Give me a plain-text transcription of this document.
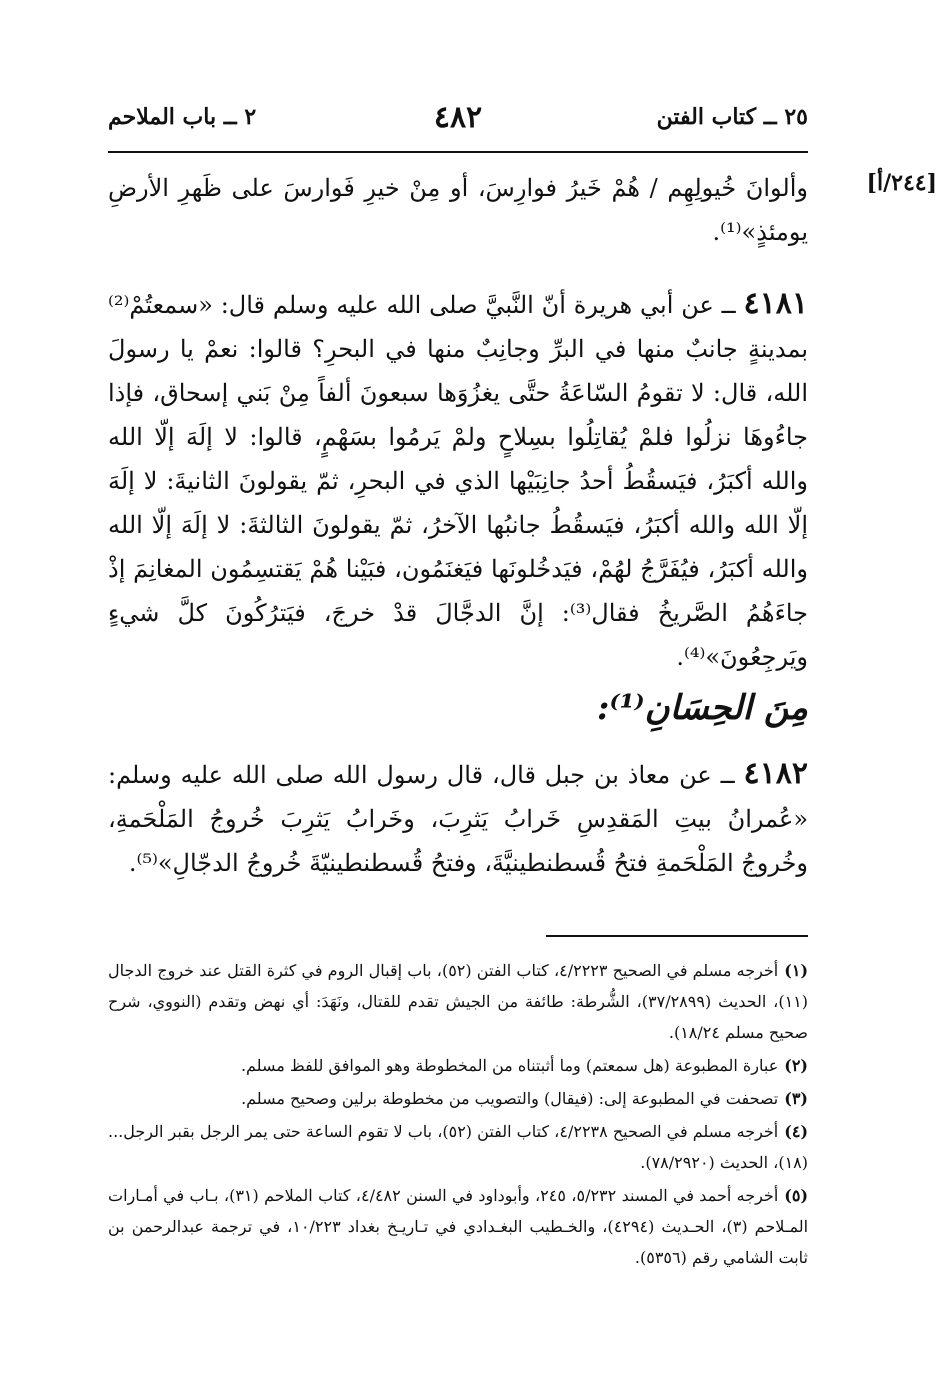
٢٥ ــ كتاب الفتن
٤٨٢
٢ ــ باب الملاحم
[٢٤٤/أ]
وألوانَ خُيولِهِم / هُمْ خَيرُ فوارِسَ، أو مِنْ خيرِ فَوارسَ على ظَهرِ الأرضِ يومئذٍ»⁽¹⁾.
٤١٨١ ــ عن أبي هريرة أنّ النَّبيَّ صلى الله عليه وسلم قال: «سمعتُمْ⁽²⁾ بمدينةٍ جانبٌ منها في البرِّ وجانِبٌ منها في البحرِ؟ قالوا: نعمْ يا رسولَ الله، قال: لا تقومُ السّاعَةُ حتَّى يغزُوَها سبعونَ ألفاً مِنْ بَني إسحاق، فإذا جاءُوهَا نزلُوا فلمْ يُقاتِلُوا بسِلاحٍ ولمْ يَرمُوا بسَهْمٍ، قالوا: لا إلَهَ إلّا الله والله أكبَرُ، فيَسقُطُ أحدُ جانِبَيْها الذي في البحرِ، ثمّ يقولونَ الثانيةَ: لا إلَهَ إلّا الله والله أكبَرُ، فيَسقُطُ جانبُها الآخرُ، ثمّ يقولونَ الثالثةَ: لا إلَهَ إلّا الله والله أكبَرُ، فيُفَرَّجُ لهُمْ، فيَدخُلونَها فيَغنَمُون، فبَيْنا هُمْ يَقتسِمُون المغانِمَ إذْ جاءَهُمُ الصَّريخُ فقال⁽³⁾: إنَّ الدجَّالَ قدْ خرجَ، فيَترُكُونَ كلَّ شيءٍ ويَرجِعُونَ»⁽⁴⁾.
مِنَ الحِسَانِ⁽¹⁾:
٤١٨٢ ــ عن معاذ بن جبل قال، قال رسول الله صلى الله عليه وسلم: «عُمرانُ بيتِ المَقدِسِ خَرابُ يَثرِبَ، وخَرابُ يَثرِبَ خُروجُ المَلْحَمةِ، وخُروجُ المَلْحَمةِ فتحُ قُسطنطينيَّةَ، وفتحُ قُسطنطينيّةَ خُروجُ الدجّالِ»⁽⁵⁾.

(١)أخرجه مسلم في الصحيح ٤/٢٢٢٣، كتاب الفتن (٥٢)، باب إقبال الروم في كثرة القتل عند خروج الدجال (١١)، الحديث (٣٧/٢٨٩٩)، الشُّرطة: طائفة من الجيش تقدم للقتال، ونَهَدَ: أي نهض وتقدم (النووي، شرح صحيح مسلم ١٨/٢٤).

(٢)عبارة المطبوعة (هل سمعتم) وما أثبتناه من المخطوطة وهو الموافق للفظ مسلم.

(٣)تصحفت في المطبوعة إلى: (فيقال) والتصويب من مخطوطة برلين وصحيح مسلم.

(٤)أخرجه مسلم في الصحيح ٤/٢٢٣٨، كتاب الفتن (٥٢)، باب لا تقوم الساعة حتى يمر الرجل بقبر الرجل... (١٨)، الحديث (٧٨/٢٩٢٠).

(٥)أخرجه أحمد في المسند ٥/٢٣٢، ٢٤٥، وأبوداود في السنن ٤/٤٨٢، كتاب الملاحم (٣١)، بـاب في أمـارات المـلاحم (٣)، الحـديث (٤٢٩٤)، والخـطيب البغـدادي في تـاريـخ بغداد ١٠/٢٢٣، في ترجمة عبدالرحمن بن ثابت الشامي رقم (٥٣٥٦).
